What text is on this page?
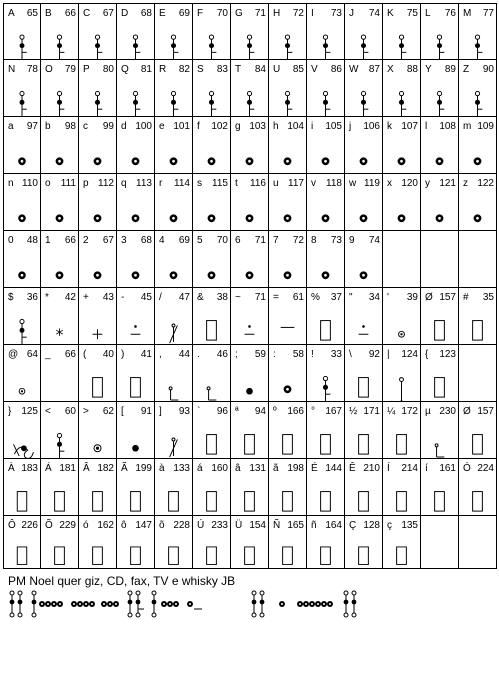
A 65 B 66 C 67 D 68 E 69 F 70 G 71 H 72 I 73 J 74 K 75 L 76 M 77
N 78 O 79 P 80 Q 81 R 82 S 83 T 84 U 85 V 86 W 87 X 88 Y 89 Z 90
a 97 b 98 c 99 d 100 e 101 f 102 g 103 h 104 i 105 j 106 k 107 l 108 m 109
n 110 o 111 p 112 q 113 r 114 s 115 t 116 u 117 v 118 w 119 x 120 y 121 z 122
0 48 1 66 2 67 3 68 4 69 5 70 6 71 7 72 8 73 9 74
$ 36 * 42
*
+ 43 - 45 / 47 & 38 ~ 71 = 61 % 37 " 34 ' 39 Ø 157 # 35
@ 64 _ 66 ( 40 ) 41 , 44 . 46 ; 59 : 58 ! 33 \ 92 | 124 { 123
} 125 < 60 > 62 [ 91 ] 93 ` 96 ª 94 º 166 ° 167 ½ 171 ¼ 172 µ 230 Ø 157
À 183 Á 181 Â 182 Ã 199 à 133 á 160 â 131 ã 198 É 144 Ê 210 Í 214 í 161 Ó 224
Ô 226 Õ 229 ó 162 ô 147 õ 228 Ú 233 Ü 154 Ñ 165 ñ 164 Ç 128 ç 135
PM Noel quer giz, CD, fax, TV e whisky JB
